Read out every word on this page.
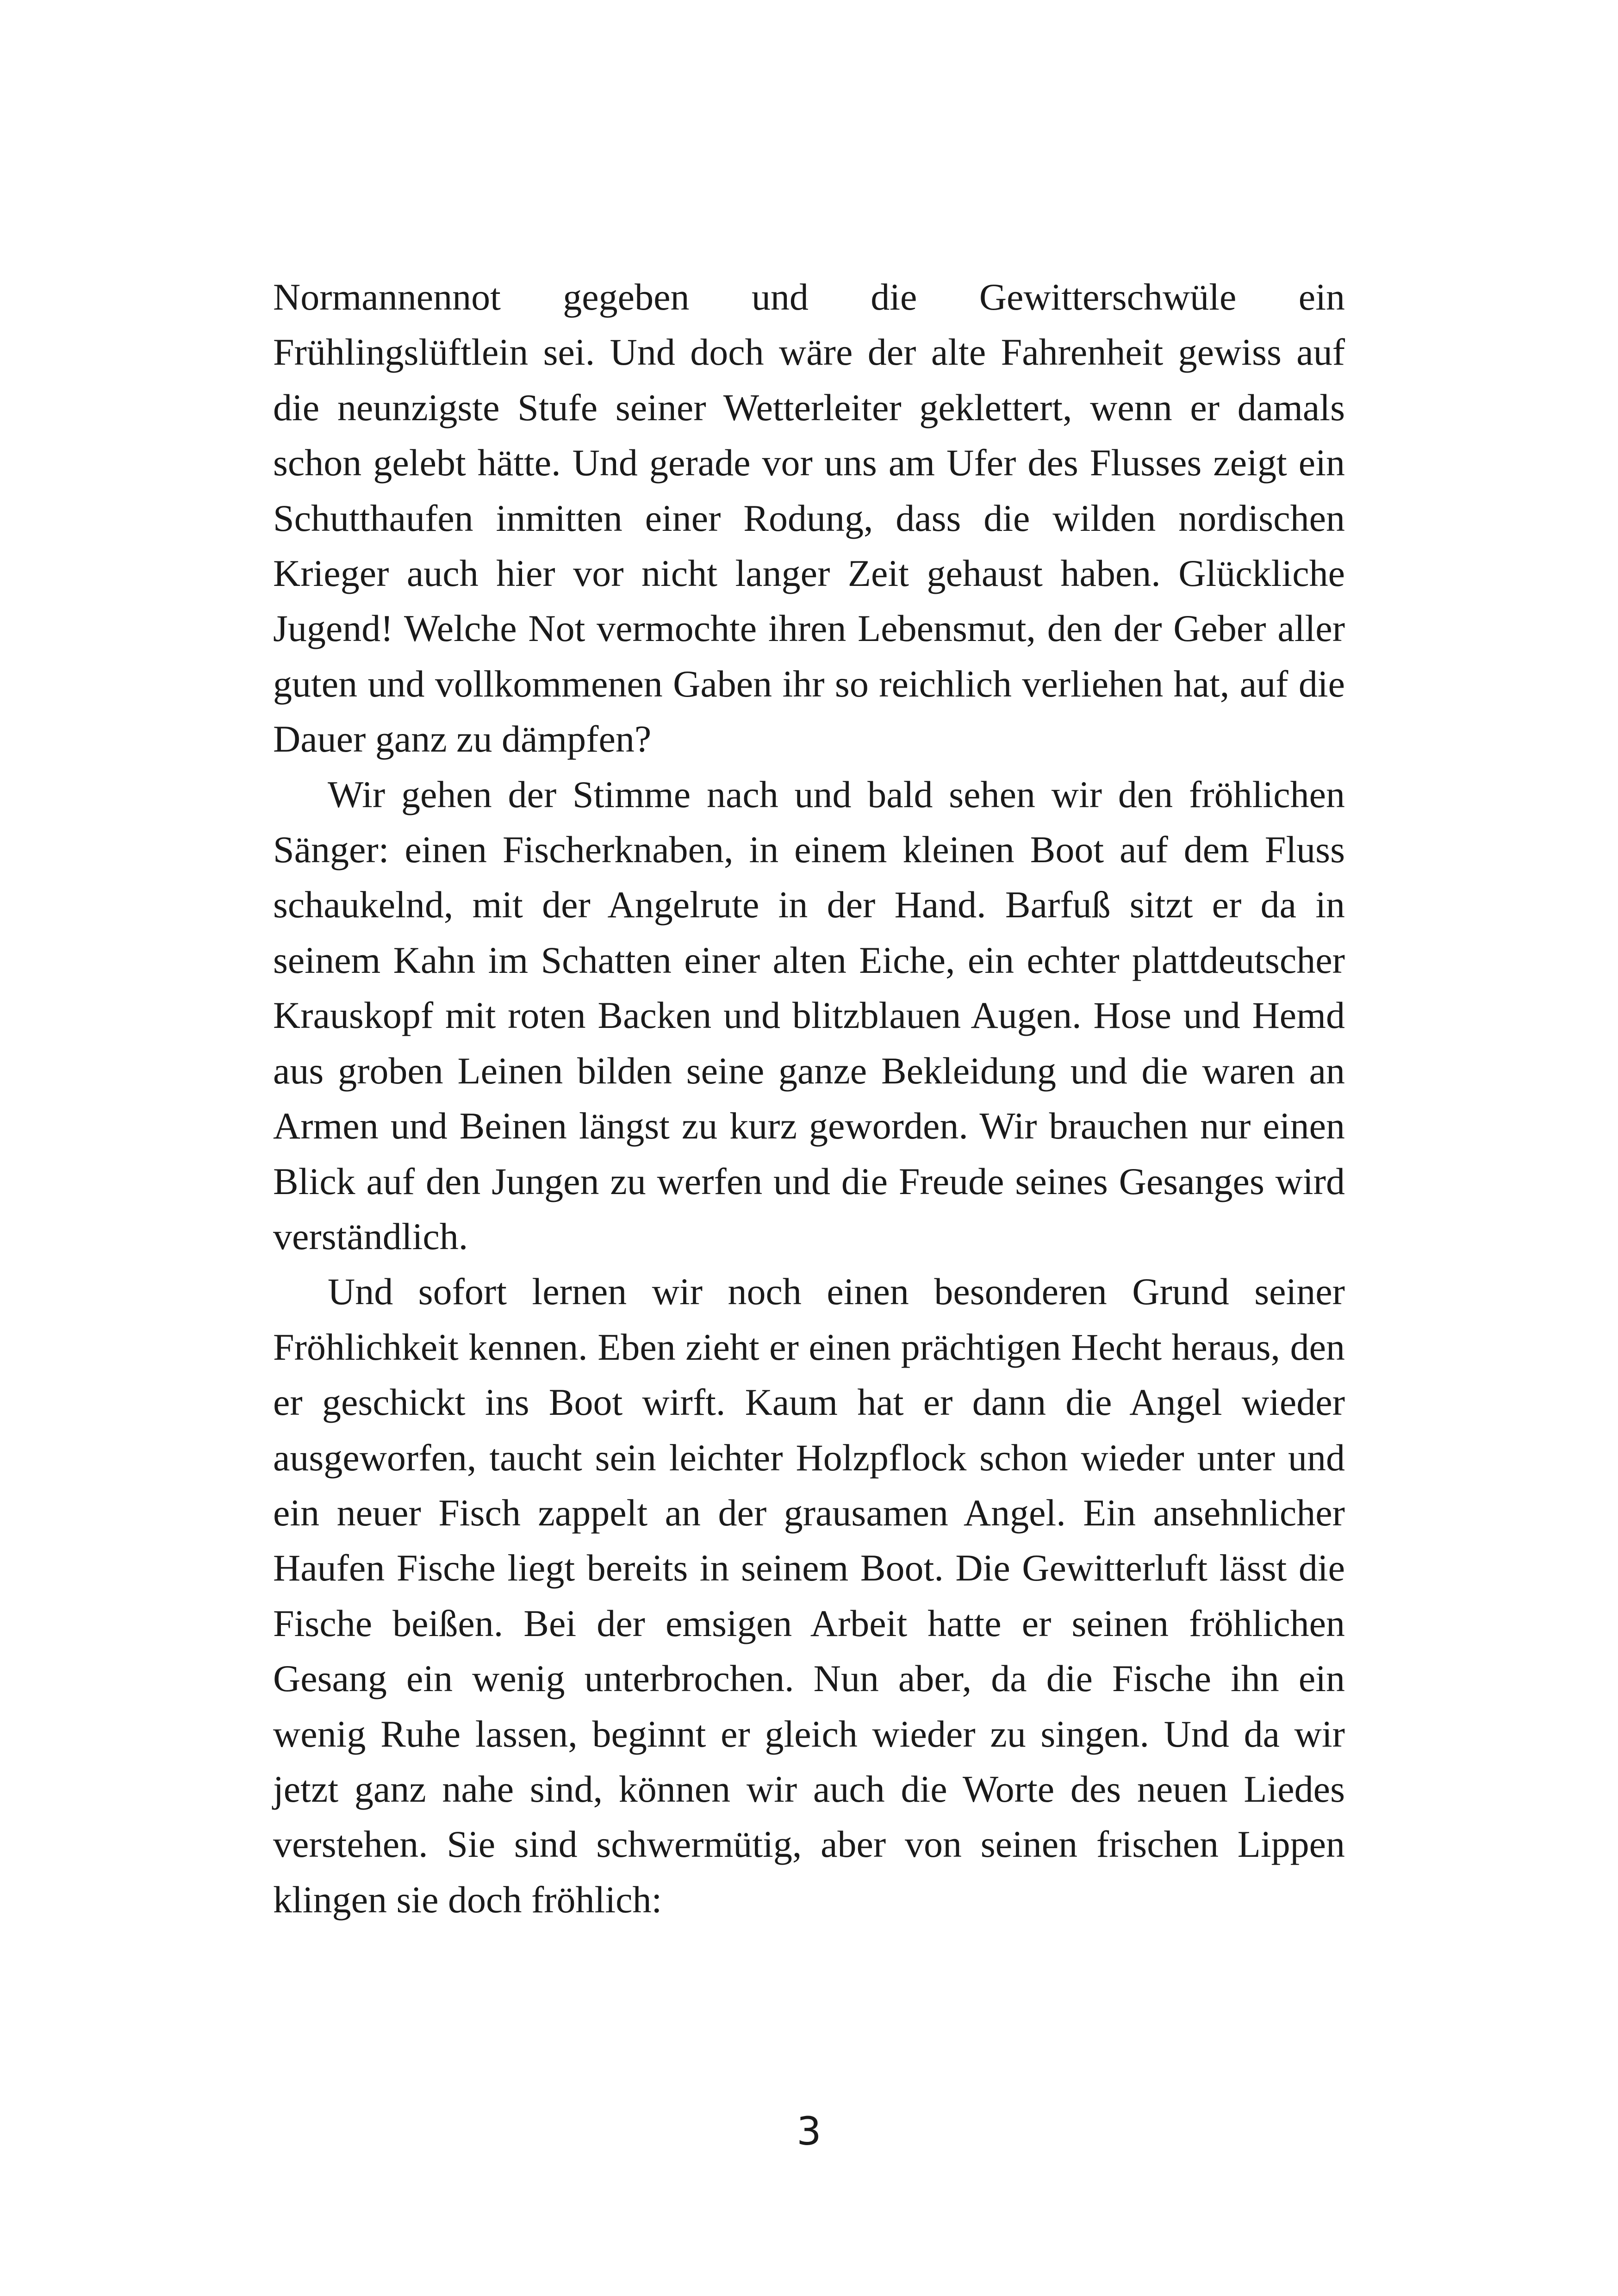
Normannennot gegeben und die Gewitterschwüle ein Frühlingslüftlein sei. Und doch wäre der alte Fahrenheit gewiss auf die neunzigste Stufe seiner Wetterleiter geklettert, wenn er damals schon gelebt hätte. Und gerade vor uns am Ufer des Flusses zeigt ein Schutthaufen inmitten einer Rodung, dass die wilden nordischen Krieger auch hier vor nicht langer Zeit gehaust haben. Glückliche Jugend! Welche Not vermochte ihren Lebensmut, den der Geber aller guten und vollkommenen Gaben ihr so reichlich verliehen hat, auf die Dauer ganz zu dämpfen?

Wir gehen der Stimme nach und bald sehen wir den fröhlichen Sänger: einen Fischerknaben, in einem kleinen Boot auf dem Fluss schaukelnd, mit der Angelrute in der Hand. Barfuß sitzt er da in seinem Kahn im Schatten einer alten Eiche, ein echter plattdeutscher Krauskopf mit roten Backen und blitzblauen Augen. Hose und Hemd aus groben Leinen bilden seine ganze Bekleidung und die waren an Armen und Beinen längst zu kurz geworden. Wir brauchen nur einen Blick auf den Jungen zu werfen und die Freude seines Gesanges wird verständlich.

Und sofort lernen wir noch einen besonderen Grund seiner Fröhlichkeit kennen. Eben zieht er einen prächtigen Hecht heraus, den er geschickt ins Boot wirft. Kaum hat er dann die Angel wieder ausgeworfen, taucht sein leichter Holzpflock schon wieder unter und ein neuer Fisch zappelt an der grausamen Angel. Ein ansehnlicher Haufen Fische liegt bereits in seinem Boot. Die Gewitterluft lässt die Fische beißen. Bei der emsigen Arbeit hatte er seinen fröhlichen Gesang ein wenig unterbrochen. Nun aber, da die Fische ihn ein wenig Ruhe lassen, beginnt er gleich wieder zu singen. Und da wir jetzt ganz nahe sind, können wir auch die Worte des neuen Liedes verstehen. Sie sind schwermütig, aber von seinen frischen Lippen klingen sie doch fröhlich:

3
